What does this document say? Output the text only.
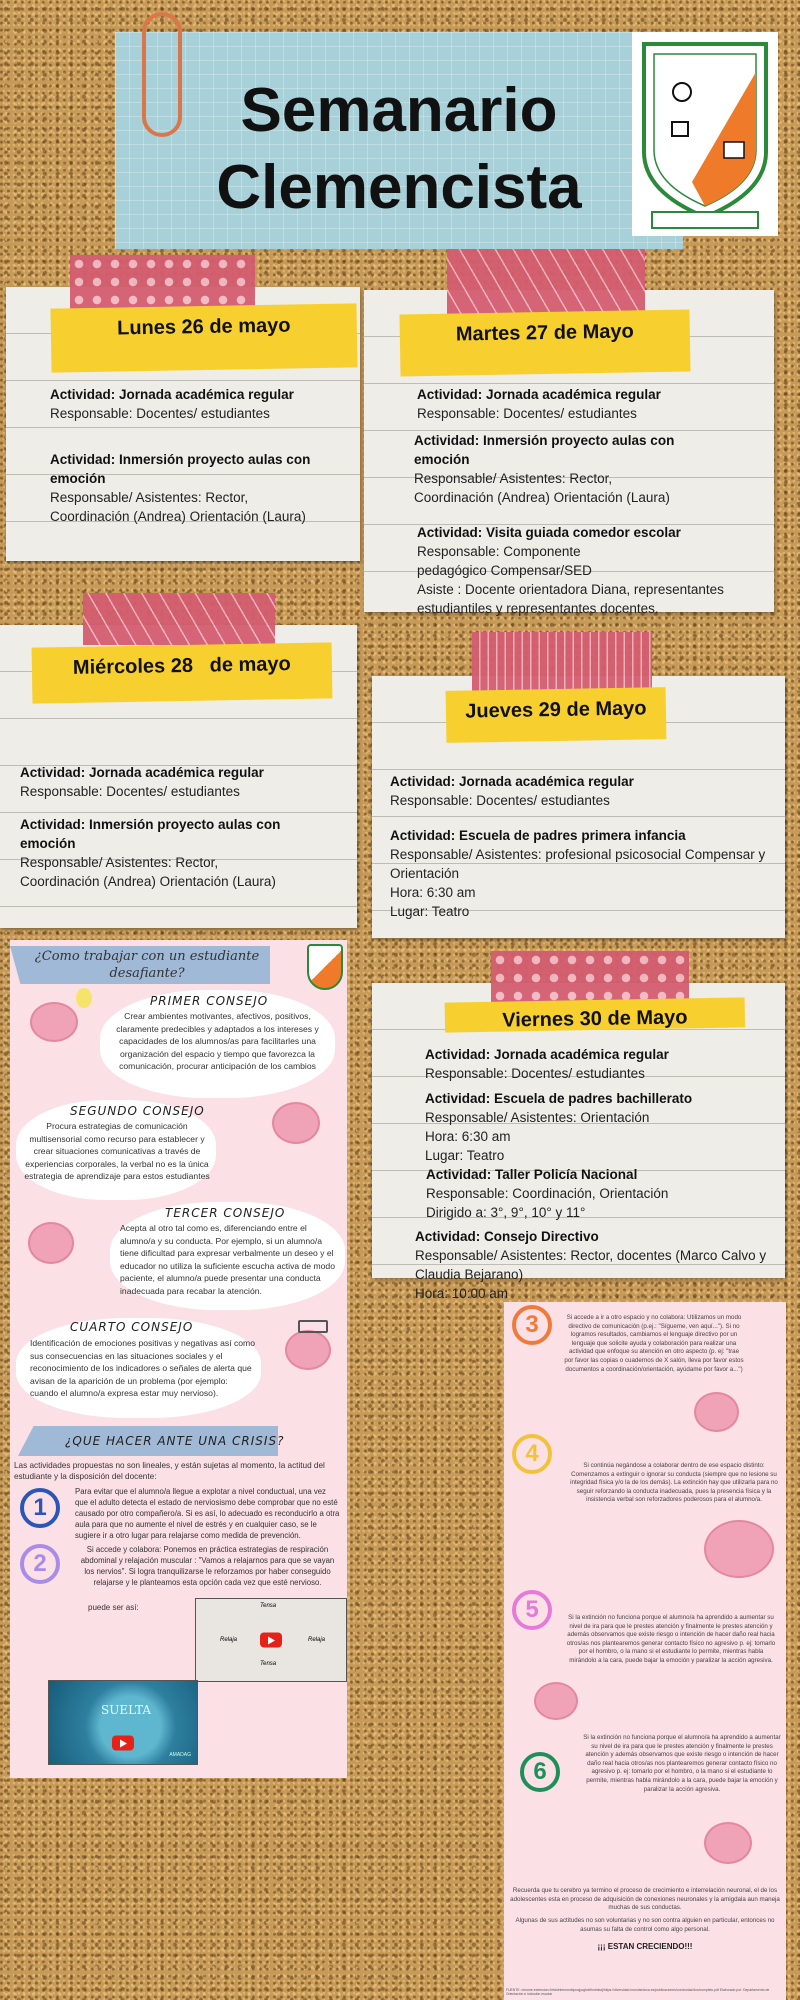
Semanario
Clemencista
Actividad: Jornada académica regular
Responsable: Docentes/ estudiantes
Actividad: Inmersión proyecto aulas con emoción
Responsable/ Asistentes: Rector,
Coordinación (Andrea) Orientación (Laura)
Lunes 26 de mayo
Actividad: Jornada académica regular
Responsable: Docentes/ estudiantes
Actividad: Inmersión proyecto aulas con emoción
Responsable/ Asistentes: Rector,
Coordinación (Andrea) Orientación (Laura)
Actividad: Visita guiada comedor escolar
Responsable: Componente pedagógico Compensar/SED
Asiste : Docente orientadora Diana, representantes estudiantiles y representantes docentes.
Martes 27 de Mayo
Actividad: Jornada académica regular
Responsable: Docentes/ estudiantes
Actividad: Inmersión proyecto aulas con emoción
Responsable/ Asistentes: Rector,
Coordinación (Andrea) Orientación (Laura)
Miércoles 28   de mayo
Actividad: Jornada académica regular
Responsable: Docentes/ estudiantes
Actividad: Escuela de padres primera infancia
Responsable/ Asistentes: profesional psicosocial Compensar y Orientación
Hora: 6:30 am
Lugar: Teatro
Jueves 29 de Mayo
Actividad: Jornada académica regular
Responsable: Docentes/ estudiantes
Actividad: Escuela de padres bachillerato
Responsable/ Asistentes: Orientación
Hora: 6:30 am
Lugar: Teatro
Actividad: Taller Policía Nacional
Responsable: Coordinación, Orientación
Dirigido a: 3°, 9°, 10° y 11°
Actividad: Consejo Directivo
Responsable/ Asistentes: Rector, docentes (Marco Calvo y Claudia Bejarano)
Hora: 10:00 am
Viernes 30 de Mayo
¿Como trabajar con un estudiante desafiante?
PRIMER CONSEJO
Crear ambientes motivantes, afectivos, positivos, claramente predecibles y adaptados a los intereses y capacidades de los alumnos/as para facilitarles una organización del espacio y tiempo que favorezca la comunicación, procurar anticipación de los cambios
SEGUNDO CONSEJO
Procura estrategias de comunicación multisensorial como recurso para establecer y crear situaciones comunicativas a través de experiencias corporales, la verbal no es la única estrategia de aprendizaje para estos estudiantes
TERCER CONSEJO
Acepta al otro tal como es, diferenciando entre el alumno/a y su conducta. Por ejemplo, si un alumno/a tiene dificultad para expresar verbalmente un deseo y el educador no utiliza la suficiente escucha activa de modo paciente, el alumno/a puede presentar una conducta inadecuada para recabar la atención.
CUARTO CONSEJO
Identificación de emociones positivas y negativas así como sus consecuencias en las situaciones sociales y el reconocimiento de los indicadores o señales de alerta que avisan de la aparición de un problema (por ejemplo: cuando el alumno/a expresa estar muy nervioso).
¿QUE HACER ANTE UNA CRISIS?
Las actividades propuestas no son lineales, y están sujetas al momento, la actitud del estudiante y la disposición del docente:
1
Para evitar que el alumno/a llegue a explotar a nivel conductual, una vez que el adulto detecta el estado de nerviosismo debe comprobar que no esté causado por otro compañero/a. Si es así, lo adecuado es reconducirlo a otra aula para que no aumente el nivel de estrés y en cualquier caso, se le sugiere ir a otro lugar para relajarse como medida de prevención.
2
Si accede y colabora: Ponemos en práctica estrategias de respiración abdominal y relajación muscular : "Vamos a relajarnos para que se vayan los nervios". Si logra tranquilizarse le reforzamos por haber conseguido relajarse y le planteamos esta opción cada vez que esté nervioso.
puede ser así:	Tensa
Relaja	Relaja
Tensa
SUELTA
AMADAG
3	Si accede a ir a otro espacio y no colabora: Utilizamos un modo directivo de comunicación (p.ej.: "Sígueme, ven aquí..."). Si no logramos resultados, cambiamos el lenguaje directivo por un lenguaje que solicite ayuda y colaboración para realizar una actividad que enfoque su atención en otro aspecto (p. ej: "trae por favor las copias o cuadernos de X salón, lleva por favor estos documentos a coordinación/orientación, ayúdame por favor a...")
4	Si continúa negándose a colaborar dentro de ese espacio distinto: Comenzamos a extinguir o ignorar su conducta (siempre que no lesione su integridad física y/o la de los demás). La extinción hay que utilizarla para no seguir reforzando la conducta inadecuada, pues la presencia física y la insistencia verbal son reforzadores poderosos para el alumno/a.
5	Si la extinción no funciona porque el alumno/a ha aprendido a aumentar su nivel de ira para que le prestes atención y finalmente le prestes atención y además observamos que existe riesgo o intención de hacer daño real hacia otros/as nos plantearemos generar contacto físico no agresivo p. ej: tomarlo por el hombro, o la mano si el estudiante lo permite, mientras habla mirándolo a la cara, puede bajar la emoción y paralizar la acción agresiva.
6
Si la extinción no funciona porque el alumno/a ha aprendido a aumentar su nivel de ira para que le prestes atención y finalmente le prestes atención y además observamos que existe riesgo o intención de hacer daño real hacia otros/as nos plantearemos generar contacto físico no agresivo p. ej: tomarlo por el hombro, o la mano si el estudiante lo permite, mientras habla mirándolo a la cara, puede bajar la emoción y paralizar la acción agresiva.
Recuerda que tu cerebro ya termino el proceso de crecimiento e interrelación neuronal, el de los adolescentes esta en proceso de adquisición de conexiones neuronales y la amigdala aun maneja muchas de sus conductas.
Algunas de sus actitudes no son voluntarias y no son contra alguien en particular, entonces no asumas su falta de control como algo personal.
¡¡¡ ESTAN CRECIENDO!!!
FUENTE: chrome-extension://efaidnbmnnnibpcajpcglclefindmkaj/https://diversidad.murciaeduca.es/publicaciones/conductas/doc/completo.pdf Elaborado por: Departamento de Orientación e inclusión escolar
